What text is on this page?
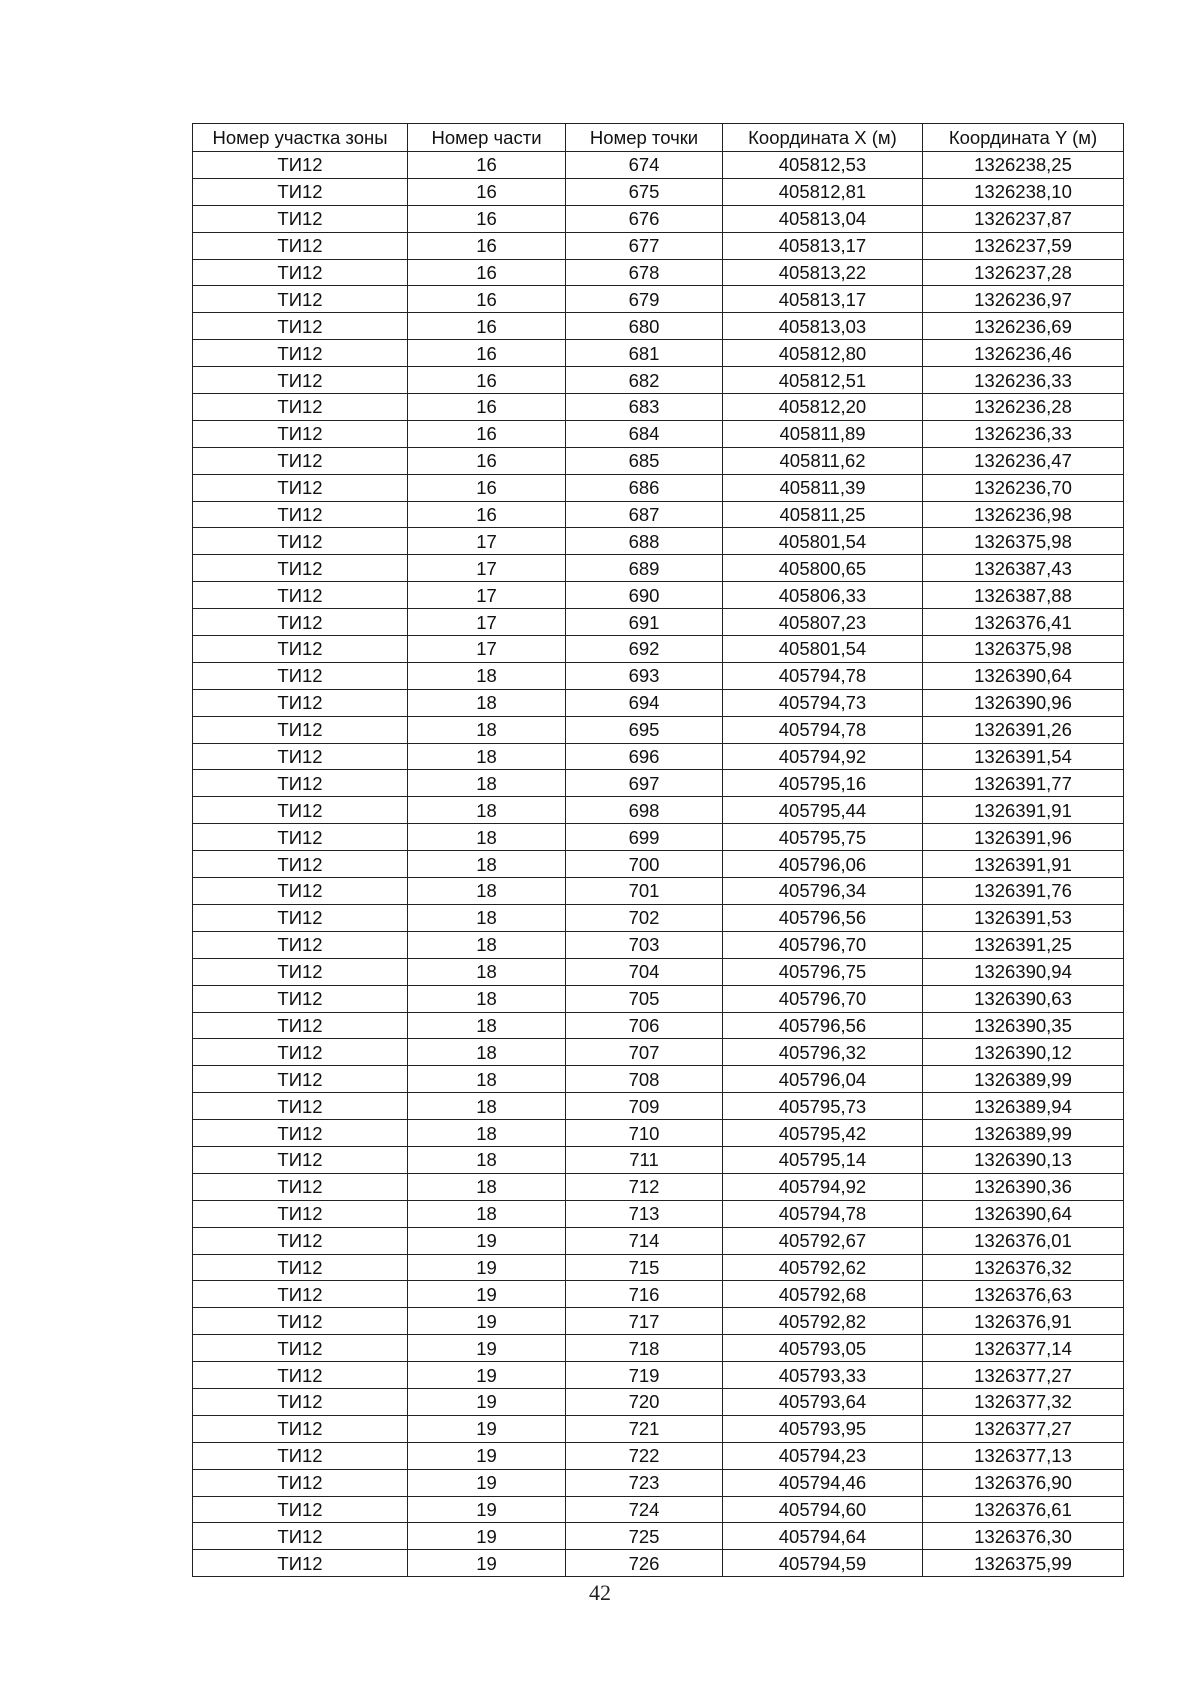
Номер участка зоны	Номер части	Номер точки	Координата X (м)	Координата Y (м)
ТИ12	16	674	405812,53	1326238,25
ТИ12	16	675	405812,81	1326238,10
ТИ12	16	676	405813,04	1326237,87
ТИ12	16	677	405813,17	1326237,59
ТИ12	16	678	405813,22	1326237,28
ТИ12	16	679	405813,17	1326236,97
ТИ12	16	680	405813,03	1326236,69
ТИ12	16	681	405812,80	1326236,46
ТИ12	16	682	405812,51	1326236,33
ТИ12	16	683	405812,20	1326236,28
ТИ12	16	684	405811,89	1326236,33
ТИ12	16	685	405811,62	1326236,47
ТИ12	16	686	405811,39	1326236,70
ТИ12	16	687	405811,25	1326236,98
ТИ12	17	688	405801,54	1326375,98
ТИ12	17	689	405800,65	1326387,43
ТИ12	17	690	405806,33	1326387,88
ТИ12	17	691	405807,23	1326376,41
ТИ12	17	692	405801,54	1326375,98
ТИ12	18	693	405794,78	1326390,64
ТИ12	18	694	405794,73	1326390,96
ТИ12	18	695	405794,78	1326391,26
ТИ12	18	696	405794,92	1326391,54
ТИ12	18	697	405795,16	1326391,77
ТИ12	18	698	405795,44	1326391,91
ТИ12	18	699	405795,75	1326391,96
ТИ12	18	700	405796,06	1326391,91
ТИ12	18	701	405796,34	1326391,76
ТИ12	18	702	405796,56	1326391,53
ТИ12	18	703	405796,70	1326391,25
ТИ12	18	704	405796,75	1326390,94
ТИ12	18	705	405796,70	1326390,63
ТИ12	18	706	405796,56	1326390,35
ТИ12	18	707	405796,32	1326390,12
ТИ12	18	708	405796,04	1326389,99
ТИ12	18	709	405795,73	1326389,94
ТИ12	18	710	405795,42	1326389,99
ТИ12	18	711	405795,14	1326390,13
ТИ12	18	712	405794,92	1326390,36
ТИ12	18	713	405794,78	1326390,64
ТИ12	19	714	405792,67	1326376,01
ТИ12	19	715	405792,62	1326376,32
ТИ12	19	716	405792,68	1326376,63
ТИ12	19	717	405792,82	1326376,91
ТИ12	19	718	405793,05	1326377,14
ТИ12	19	719	405793,33	1326377,27
ТИ12	19	720	405793,64	1326377,32
ТИ12	19	721	405793,95	1326377,27
ТИ12	19	722	405794,23	1326377,13
ТИ12	19	723	405794,46	1326376,90
ТИ12	19	724	405794,60	1326376,61
ТИ12	19	725	405794,64	1326376,30
ТИ12	19	726	405794,59	1326375,99
42
